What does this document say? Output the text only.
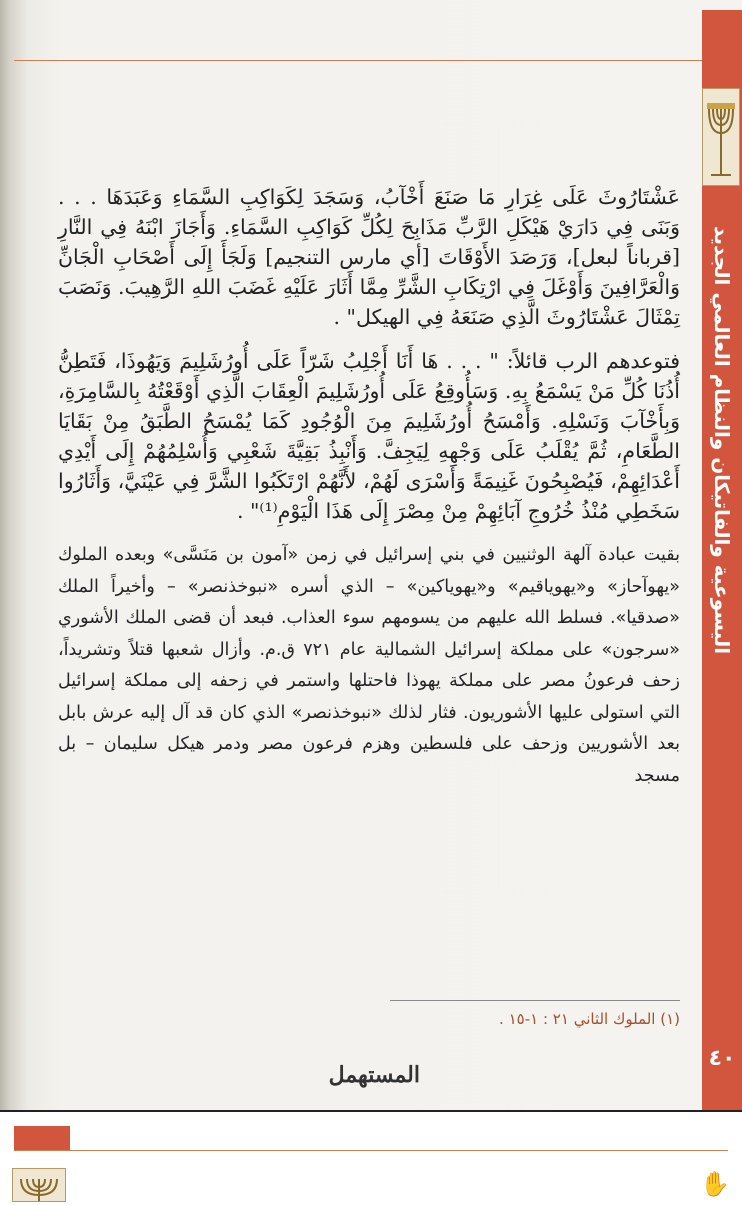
اليسوعية والفاتيكان والنظام العالمي الجديد
٤٠

عَشْتَارُوثَ عَلَى غِرَارِ مَا صَنَعَ أَخْآبُ، وَسَجَدَ لِكَوَاكِبِ السَّمَاءِ وَعَبَدَهَا . . . وَبَنَى فِي دَارَيْ هَيْكَلِ الرَّبِّ مَذَابِحَ لِكُلِّ كَوَاكِبِ السَّمَاءِ. وَأَجَازَ ابْنَهُ فِي النَّارِ [قرباناً لبعل]، وَرَصَدَ الأَوْقَاتَ [أي مارس التنجيم] وَلَجَأَ إِلَى أَصْحَابِ الْجَانِّ وَالْعَرَّافِينَ وَأَوْغَلَ فِي ارْتِكَابِ الشَّرِّ مِمَّا أَثَارَ عَلَيْهِ غَضَبَ اللهِ الرَّهِيبَ. وَنَصَبَ تِمْثَالَ عَشْتَارُوثَ الَّذِي صَنَعَهُ فِي الهيكل" .

فتوعدهم الرب قائلاً: " . . . هَا أَنَا أَجْلِبُ شَرّاً عَلَى أُورُشَلِيمَ وَيَهُوذَا، فَتَطِنُّ أُذُنَا كُلِّ مَنْ يَسْمَعُ بِهِ. وَسَأُوقِعُ عَلَى أُورُشَلِيمَ الْعِقَابَ الَّذِي أَوْقَعْتُهُ بِالسَّامِرَةِ، وَبِأَخْآبَ وَنَسْلِهِ. وَأَمْسَحُ أُورُشَلِيمَ مِنَ الْوُجُودِ كَمَا يُمْسَحُ الطَّبَقُ مِنْ بَقَايَا الطَّعَامِ، ثُمَّ يُقْلَبُ عَلَى وَجْهِهِ لِيَجِفَّ. وَأَنْبِذُ بَقِيَّةَ شَعْبِي وَأُسْلِمُهُمْ إِلَى أَيْدِي أَعْدَائِهِمْ، فَيُصْبِحُونَ غَنِيمَةً وَأَسْرَى لَهُمْ، لأَنَّهُمْ ارْتَكَبُوا الشَّرَّ فِي عَيْنَيَّ، وَأَثَارُوا سَخَطِي مُنْذُ خُرُوجِ آبَائِهِمْ مِنْ مِصْرَ إِلَى هَذَا الْيَوْمِ⁽¹⁾" .

بقيت عبادة آلهة الوثنيين في بني إسرائيل في زمن «آمون بن مَنَسَّى» وبعده الملوك «يهوآحاز» و«يهوياقيم» و«يهوياكين» – الذي أسره «نبوخذنصر» – وأخيراً الملك «صدقيا». فسلط الله عليهم من يسومهم سوء العذاب. فبعد أن قضى الملك الأشوري «سرجون» على مملكة إسرائيل الشمالية عام ٧٢١ ق.م. وأزال شعبها قتلاً وتشريداً، زحف فرعونُ مصر على مملكة يهوذا فاحتلها واستمر في زحفه إلى مملكة إسرائيل التي استولى عليها الأشوريون. فثار لذلك «نبوخذنصر» الذي كان قد آل إليه عرش بابل بعد الأشوريين وزحف على فلسطين وهزم فرعون مصر ودمر هيكل سليمان – بل مسجد

(١) الملوك الثاني ٢١ : ١-١٥ .
المستهمل
✋
